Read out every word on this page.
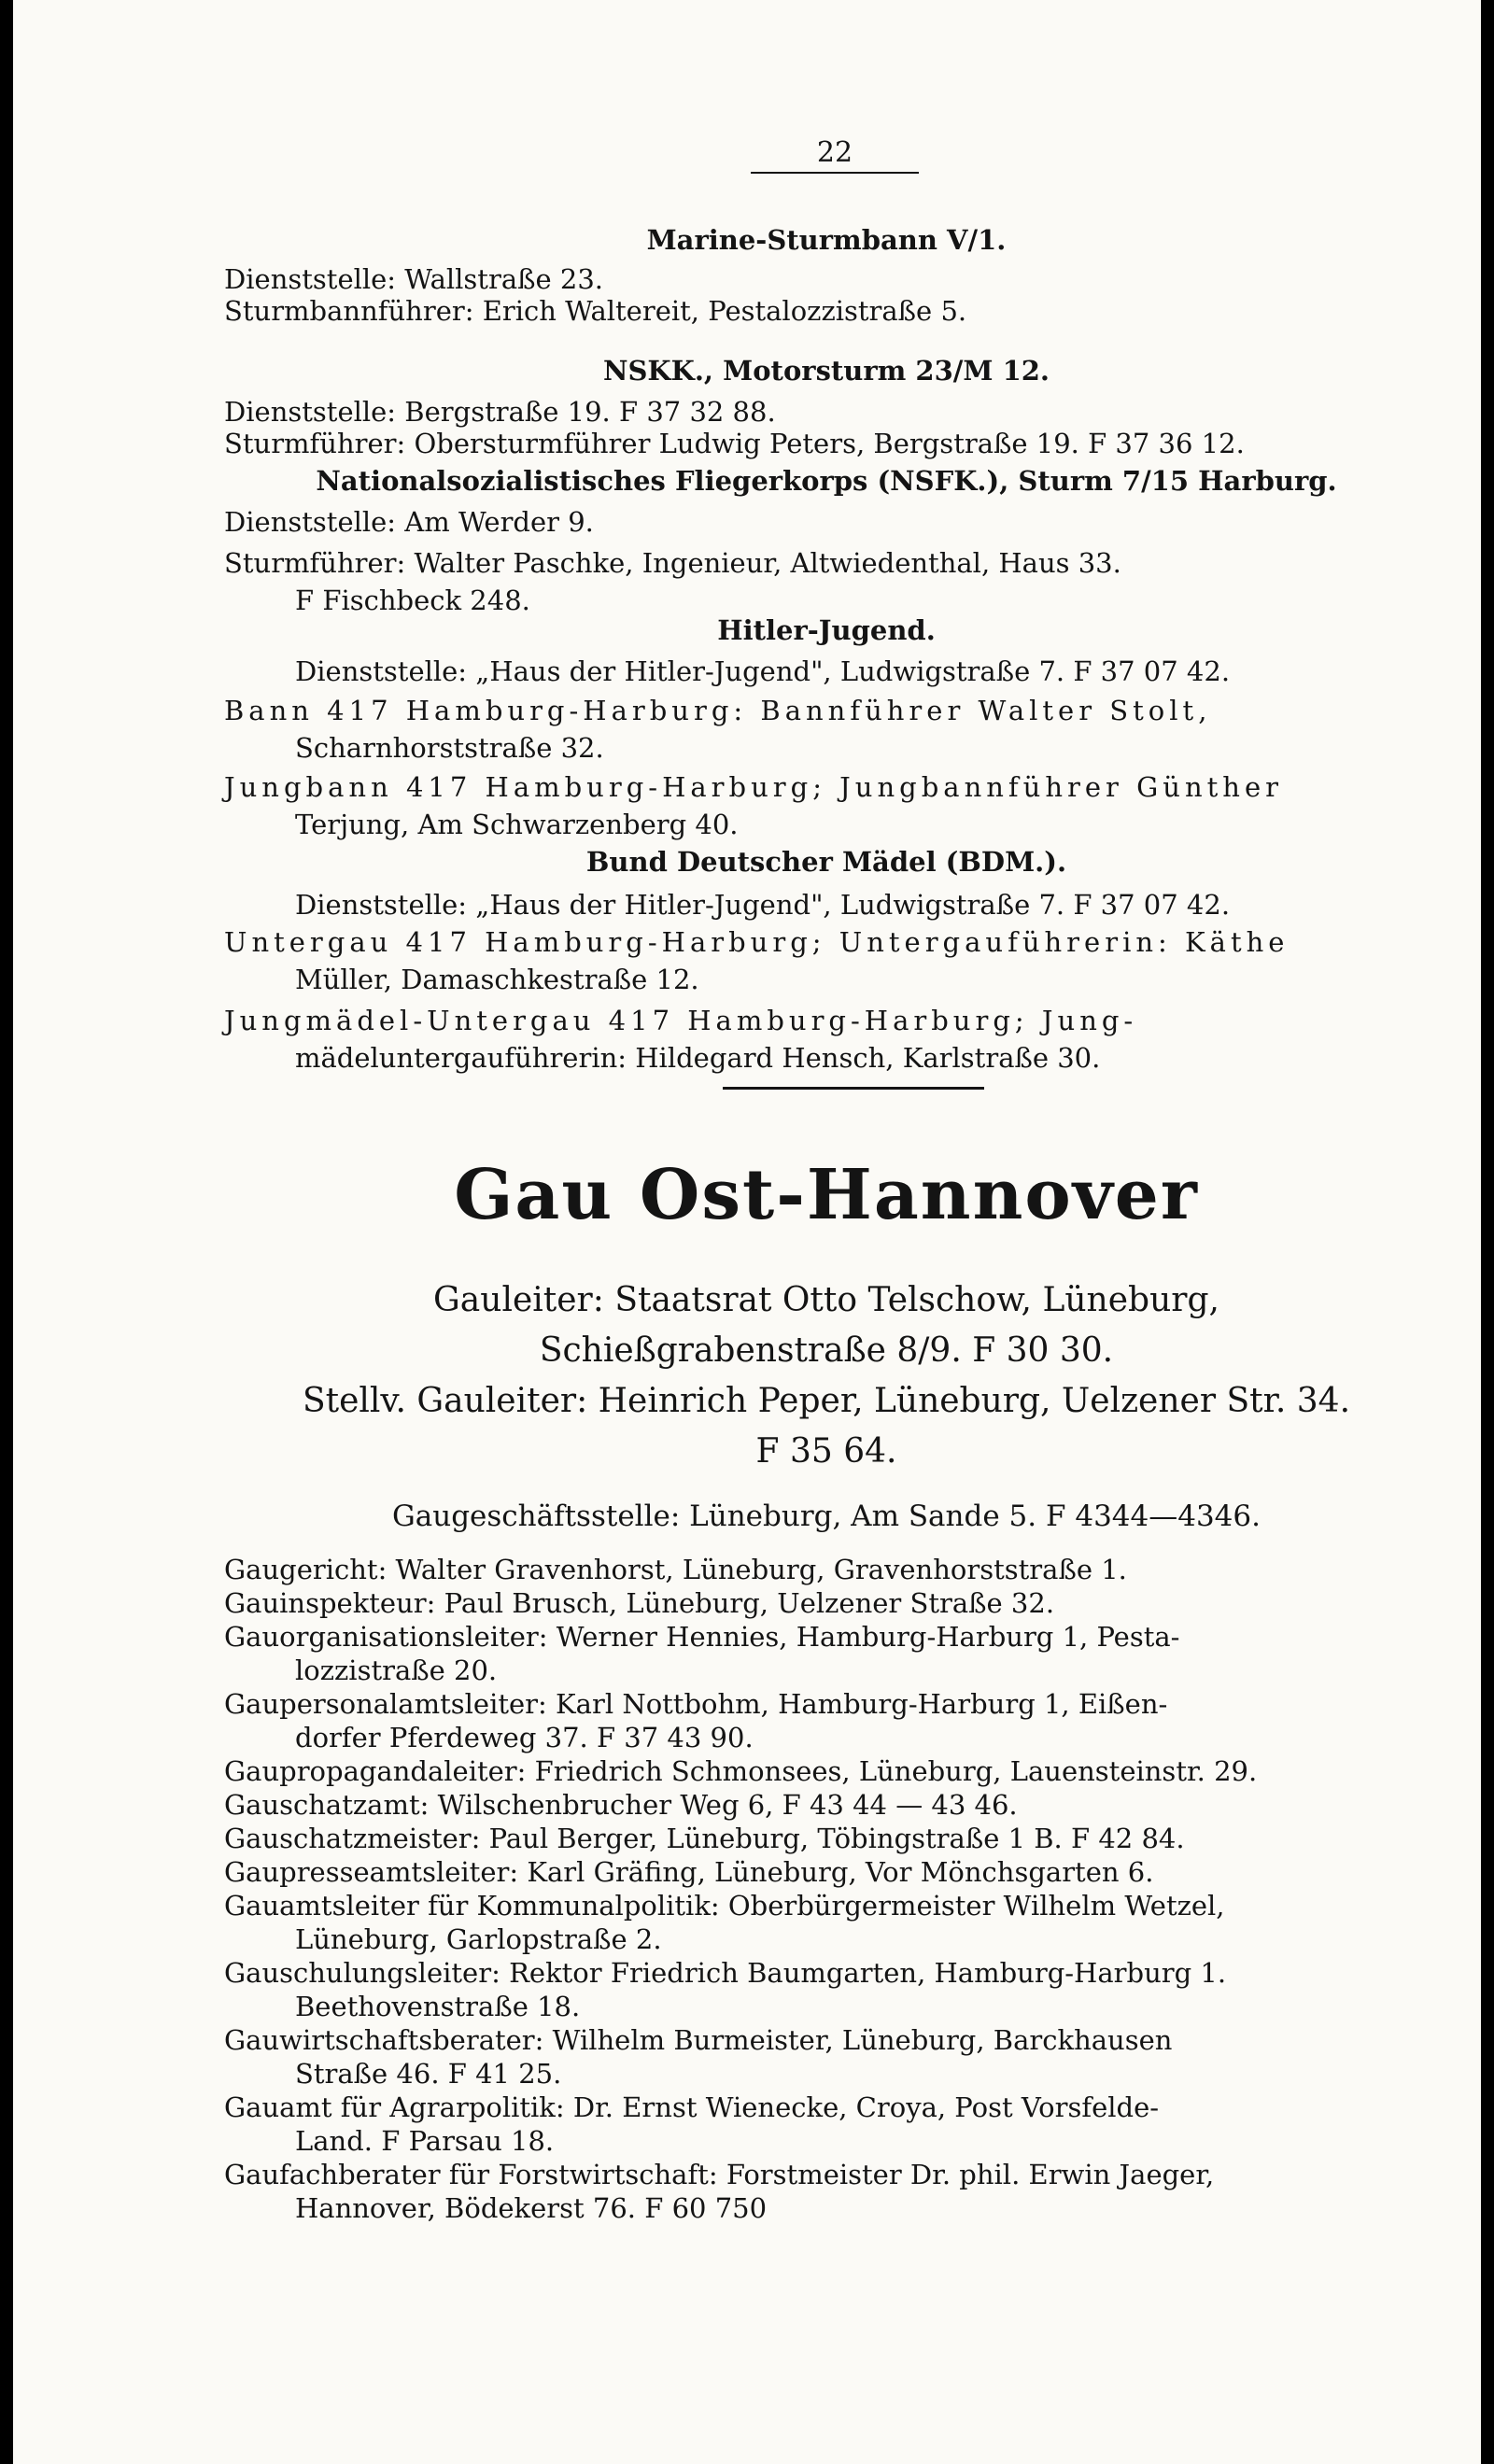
22
Marine-Sturmbann V/1.
Dienststelle: Wallstraße 23.
Sturmbannführer: Erich Waltereit, Pestalozzistraße 5.
NSKK., Motorsturm 23/M 12.
Dienststelle: Bergstraße 19. F 37 32 88.
Sturmführer: Obersturmführer Ludwig Peters, Bergstraße 19. F 37 36 12.
Nationalsozialistisches Fliegerkorps (NSFK.), Sturm 7/15 Harburg.
Dienststelle: Am Werder 9.
Sturmführer: Walter Paschke, Ingenieur, Altwiedenthal, Haus 33.
F Fischbeck 248.
Hitler-Jugend.
Dienststelle: „Haus der Hitler-Jugend", Ludwigstraße 7. F 37 07 42.
Bann 417 Hamburg-Harburg: Bannführer Walter Stolt,
Scharnhorststraße 32.
Jungbann 417 Hamburg-Harburg; Jungbannführer Günther
Terjung, Am Schwarzenberg 40.
Bund Deutscher Mädel (BDM.).
Dienststelle: „Haus der Hitler-Jugend", Ludwigstraße 7. F 37 07 42.
Untergau 417 Hamburg-Harburg; Untergauführerin: Käthe
Müller, Damaschkestraße 12.
Jungmädel-Untergau 417 Hamburg-Harburg; Jung-
mädeluntergauführerin: Hildegard Hensch, Karlstraße 30.
Gau Ost-Hannover
Gauleiter: Staatsrat Otto Telschow, Lüneburg,
Schießgrabenstraße 8/9. F 30 30.
Stellv. Gauleiter: Heinrich Peper, Lüneburg, Uelzener Str. 34.
F 35 64.
Gaugeschäftsstelle: Lüneburg, Am Sande 5. F 4344—4346.
Gaugericht: Walter Gravenhorst, Lüneburg, Gravenhorststraße 1.
Gauinspekteur: Paul Brusch, Lüneburg, Uelzener Straße 32.
Gauorganisationsleiter: Werner Hennies, Hamburg-Harburg 1, Pesta-
lozzistraße 20.
Gaupersonalamtsleiter: Karl Nottbohm, Hamburg-Harburg 1, Eißen-
dorfer Pferdeweg 37. F 37 43 90.
Gaupropagandaleiter: Friedrich Schmonsees, Lüneburg, Lauensteinstr. 29.
Gauschatzamt: Wilschenbrucher Weg 6, F 43 44 — 43 46.
Gauschatzmeister: Paul Berger, Lüneburg, Töbingstraße 1 B. F 42 84.
Gaupresseamtsleiter: Karl Gräfing, Lüneburg, Vor Mönchsgarten 6.
Gauamtsleiter für Kommunalpolitik: Oberbürgermeister Wilhelm Wetzel,
Lüneburg, Garlopstraße 2.
Gauschulungsleiter: Rektor Friedrich Baumgarten, Hamburg-Harburg 1.
Beethovenstraße 18.
Gauwirtschaftsberater: Wilhelm Burmeister, Lüneburg, Barckhausen
Straße 46. F 41 25.
Gauamt für Agrarpolitik: Dr. Ernst Wienecke, Croya, Post Vorsfelde-
Land. F Parsau 18.
Gaufachberater für Forstwirtschaft: Forstmeister Dr. phil. Erwin Jaeger,
Hannover, Bödekerst 76. F 60 750
